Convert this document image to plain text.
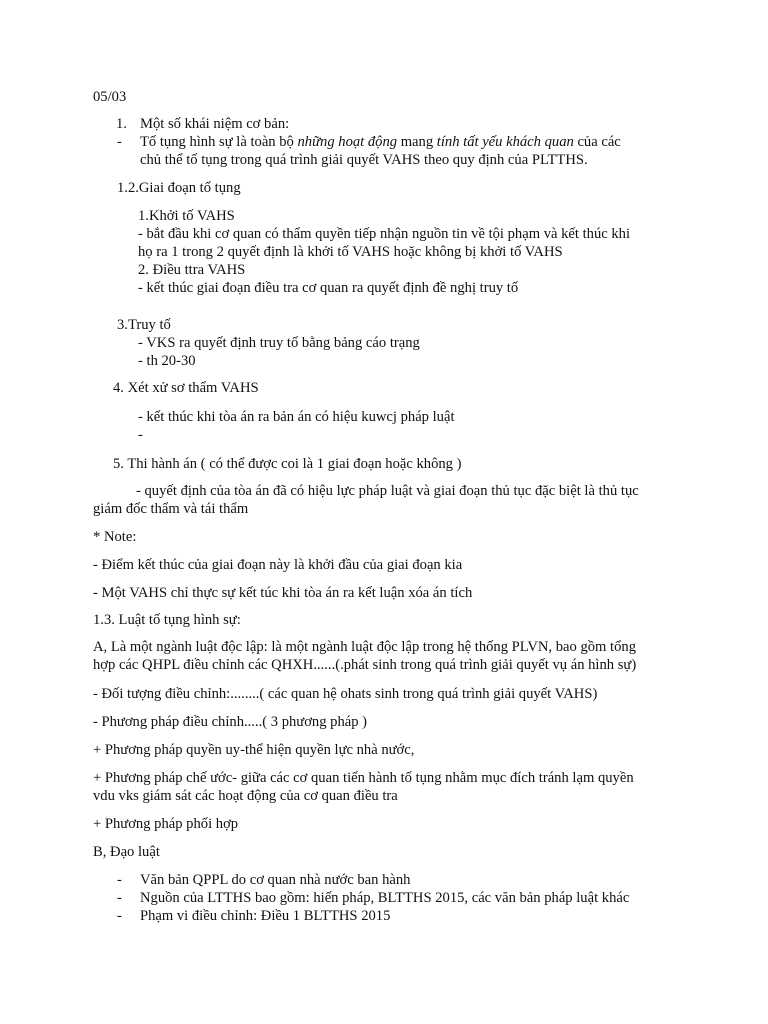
05/03
1. Một số khái niệm cơ bản:
- Tố tụng hình sự là toàn bộ những hoạt động mang tính tất yếu khách quan của các
chủ thể tố tụng trong quá trình giải quyết VAHS theo quy định của PLTTHS.
1.2.Giai đoạn tố tụng
1.Khởi tố VAHS
- bắt đầu khi cơ quan có thẩm quyền tiếp nhận nguồn tin về tội phạm và kết thúc khi
họ ra 1 trong 2 quyết định là khởi tố VAHS hoặc không bị khởi tố VAHS
2. Điều ttra VAHS
- kết thúc giai đoạn điều tra cơ quan ra quyết định đề nghị truy tố
3.Truy tố
- VKS ra quyết định truy tố bằng bảng cáo trạng
- th 20-30
4. Xét xử sơ thẩm VAHS
- kết thúc khi tòa án ra bản án có hiệu kuwcj pháp luật
-
5. Thi hành án ( có thể được coi là 1 giai đoạn hoặc không )
- quyết định của tòa án đã có hiệu lực pháp luật và giai đoạn thủ tục đặc biệt là thủ tục
giám đốc thẩm và tái thẩm
* Note:
- Điểm kết thúc của giai đoạn này là khởi đầu của giai đoạn kia
- Một VAHS chỉ thực sự kết túc khi tòa án ra kết luận xóa án tích
1.3. Luật tố tụng hình sự:
A, Là một ngành luật độc lập: là một ngành luật độc lập trong hệ thống PLVN, bao gồm tổng
hợp các QHPL điều chỉnh các QHXH......(.phát sinh trong quá trình giải quyết vụ án hình sự)
- Đối tượng điều chỉnh:........( các quan hệ ohats sinh trong quá trình giải quyết VAHS)
- Phương pháp điều chỉnh.....( 3 phương pháp )
+ Phương pháp quyền uy-thể hiện quyền lực nhà nước,
+ Phương pháp chế ước- giữa các cơ quan tiến hành tố tụng nhằm mục đích tránh lạm quyền
vdu vks giám sát các hoạt động của cơ quan điều tra
+ Phương pháp phối hợp
B, Đạo luật
- Văn bản QPPL do cơ quan nhà nước ban hành
- Nguồn của LTTHS bao gồm: hiến pháp, BLTTHS 2015, các văn bản pháp luật khác
- Phạm vi điều chỉnh: Điều 1 BLTTHS 2015
